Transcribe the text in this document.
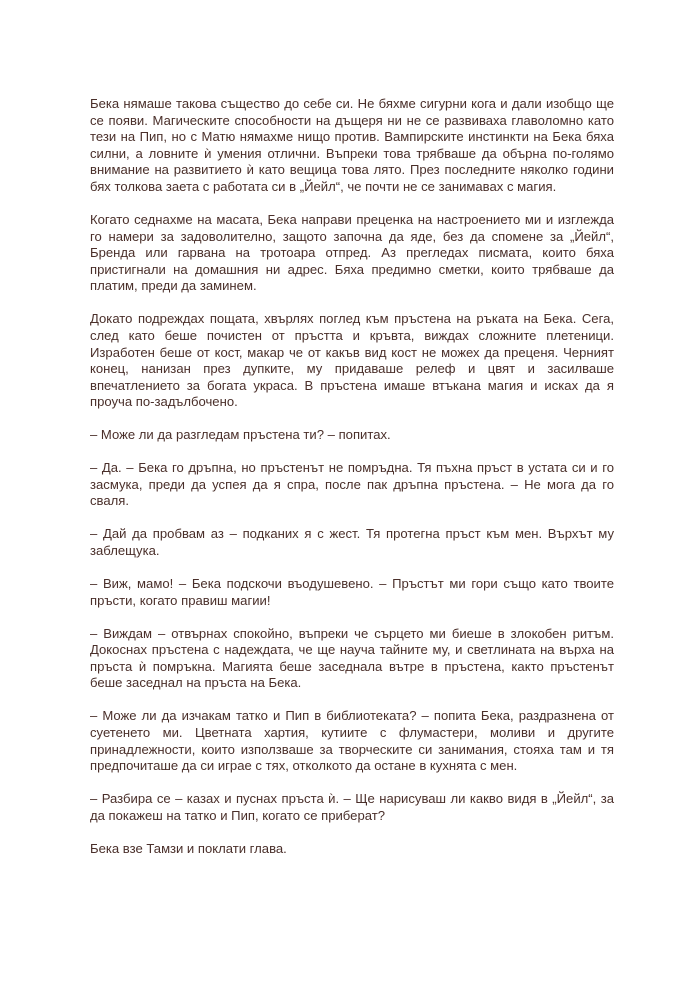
Бека нямаше такова същество до себе си. Не бяхме сигурни кога и дали изобщо ще се появи. Магическите способности на дъщеря ни не се развиваха главоломно като тези на Пип, но с Матю нямахме нищо против. Вампирските инстинкти на Бека бяха силни, а ловните ѝ умения отлични. Въпреки това трябваше да обърна по-голямо внимание на развитието ѝ като вещица това лято. През последните няколко години бях толкова заета с работата си в „Йейл“, че почти не се занимавах с магия.

Когато седнахме на масата, Бека направи преценка на настроението ми и изглежда го намери за задоволително, защото започна да яде, без да спомене за „Йейл“, Бренда или гарвана на тротоара отпред. Аз прегледах писмата, които бяха пристигнали на домашния ни адрес. Бяха предимно сметки, които трябваше да платим, преди да заминем.

Докато подреждах пощата, хвърлях поглед към пръстена на ръката на Бека. Сега, след като беше почистен от пръстта и кръвта, виждах сложните плетеници. Изработен беше от кост, макар че от какъв вид кост не можех да преценя. Черният конец, нанизан през дупките, му придаваше релеф и цвят и засилваше впечатлението за богата украса. В пръстена имаше втъкана магия и исках да я проуча по-задълбочено.

– Може ли да разгледам пръстена ти? – попитах.

– Да. – Бека го дръпна, но пръстенът не помръдна. Тя пъхна пръст в устата си и го засмука, преди да успея да я спра, после пак дръпна пръстена. – Не мога да го сваля.

– Дай да пробвам аз – подканих я с жест. Тя протегна пръст към мен. Върхът му заблещука.

– Виж, мамо! – Бека подскочи въодушевено. – Пръстът ми гори също като твоите пръсти, когато правиш магии!

– Виждам – отвърнах спокойно, въпреки че сърцето ми биеше в злокобен ритъм. Докоснах пръстена с надеждата, че ще науча тайните му, и светлината на върха на пръста ѝ помръкна. Магията беше заседнала вътре в пръстена, както пръстенът беше заседнал на пръста на Бека.

– Може ли да изчакам татко и Пип в библиотеката? – попита Бека, раздразнена от суетенето ми. Цветната хартия, кутиите с флумастери, моливи и другите принадлежности, които използваше за творческите си занимания, стояха там и тя предпочиташе да си играе с тях, отколкото да остане в кухнята с мен.

– Разбира се – казах и пуснах пръста ѝ. – Ще нарисуваш ли какво видя в „Йейл“, за да покажеш на татко и Пип, когато се приберат?

Бека взе Тамзи и поклати глава.
